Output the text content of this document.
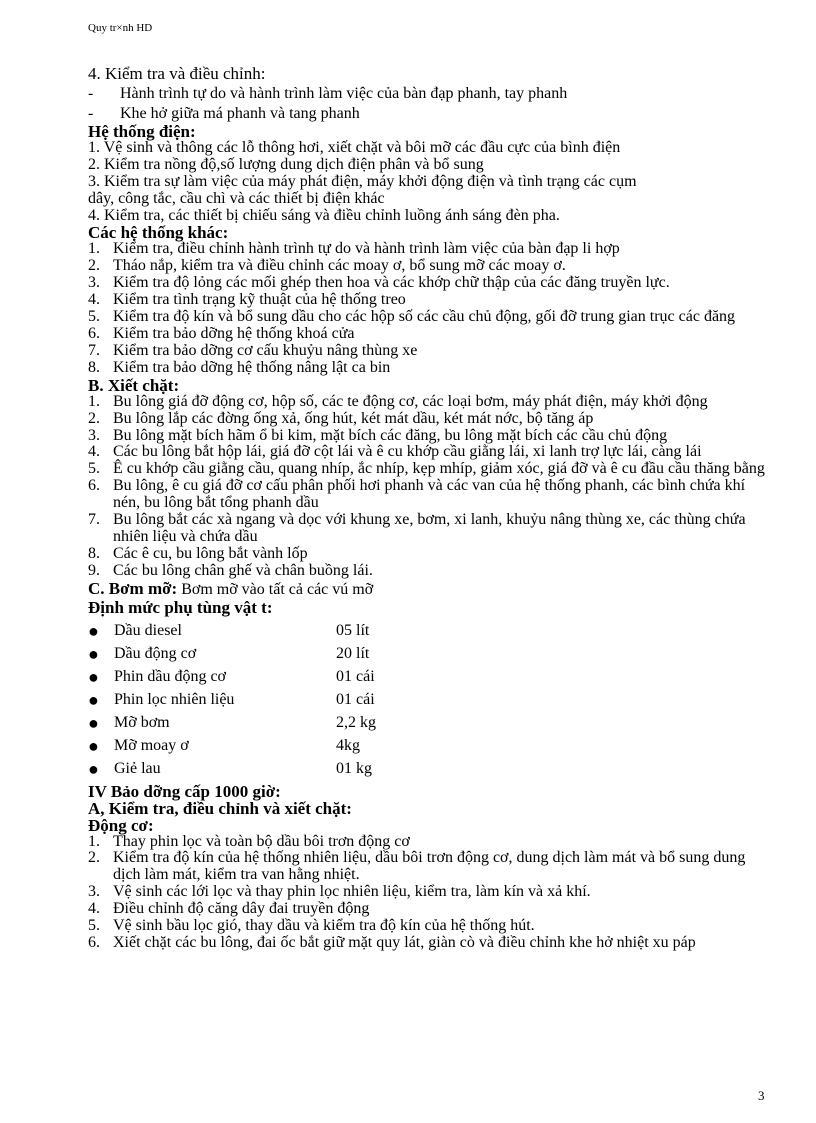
Quy tr×nh HD
4. Kiểm tra và điều chỉnh:
-	Hành trình tự do và hành trình làm việc của bàn đạp phanh, tay phanh
-	Khe hở giữa má phanh và tang phanh
Hệ thống điện:
1. Vệ sinh và thông các lỗ thông hơi, xiết chặt và bôi mỡ các đầu cực của bình điện
2. Kiểm tra nồng độ,số lượng dung dịch điện phân và bổ sung
3. Kiểm tra sự làm việc của máy phát điện, máy khởi động điện và tình trạng các cụm
dây, công tắc, cầu chì và các thiết bị điện khác
4. Kiểm tra, các thiết bị chiếu sáng và điều chỉnh luồng ánh sáng đèn pha.
Các hệ thống khác:
1. Kiểm tra, điều chỉnh hành trình tự do và hành trình làm việc của bàn đạp li hợp
2. Tháo nắp, kiểm tra và điều chỉnh các moay ơ, bổ sung mỡ các moay ơ.
3. Kiểm tra độ lỏng các mối ghép then hoa và các khớp chữ thập của các đăng truyền lực.
4. Kiểm tra tình trạng kỹ thuật của hệ thống treo
5. Kiểm tra độ kín và bổ sung dầu cho các hộp số các cầu chủ động, gối đỡ trung gian trục các đăng
6. Kiểm tra bảo dỡng hệ thống khoá cửa
7. Kiểm tra bảo dỡng cơ cấu khuỷu nâng thùng xe
8. Kiểm tra bảo dỡng hệ thống nâng lật ca bin
B. Xiết chặt:
1. Bu lông giá đỡ động cơ, hộp số, các te động cơ, các loại bơm, máy phát điện, máy khởi động
2. Bu lông lắp các đờng ống xả, ống hút, két mát dầu, két mát nớc, bộ tăng áp
3. Bu lông mặt bích hãm ổ bi kim, mặt bích các đăng, bu lông mặt bích các cầu chủ động
4. Các bu lông bắt hộp lái, giá đỡ cột lái và ê cu khớp cầu giằng lái, xi lanh trợ lực lái, càng lái
5. Ê cu khớp cầu giằng cầu, quang nhíp, ắc nhíp, kẹp mhíp, giảm xóc, giá đỡ và ê cu đầu cầu thăng bằng
6. Bu lông, ê cu giá đỡ cơ cấu phân phối hơi phanh và các van của hệ thống phanh, các bình chứa khí nén, bu lông bắt tổng phanh dầu
7. Bu lông bắt các xà ngang và dọc với khung xe, bơm, xi lanh, khuỷu nâng thùng xe, các thùng chứa nhiên liệu và chứa dầu
8. Các ê cu, bu lông bắt vành lốp
9. Các bu lông chân ghế và chân buồng lái.
C. Bơm mỡ: Bơm mỡ vào tất cả các vú mỡ
Định mức phụ tùng vật t:
●	Dầu diesel	05 lít
●	Dầu động cơ	20 lít
●	Phin dầu động cơ	01 cái
●	Phin lọc nhiên liệu	01 cái
●	Mỡ bơm	2,2 kg
●	Mỡ moay ơ	4kg
●	Giẻ lau	01 kg
IV Bảo dỡng cấp 1000 giờ:
A, Kiểm tra, điều chỉnh và xiết chặt:
Động cơ:
1. Thay phin lọc và toàn bộ dầu bôi trơn động cơ
2. Kiểm tra độ kín của hệ thống nhiên liệu, dầu bôi trơn động cơ, dung dịch làm mát và bổ sung dung dịch làm mát, kiểm tra van hằng nhiệt.
3. Vệ sinh các lới lọc và thay phin lọc nhiên liệu, kiểm tra, làm kín và xả khí.
4. Điều chỉnh độ căng dây đai truyền động
5. Vệ sinh bầu lọc gió, thay dầu và kiểm tra độ kín của hệ thống hút.
6. Xiết chặt các bu lông, đai ốc bắt giữ mặt quy lát, giàn cò và điều chỉnh khe hở nhiệt xu páp
3
